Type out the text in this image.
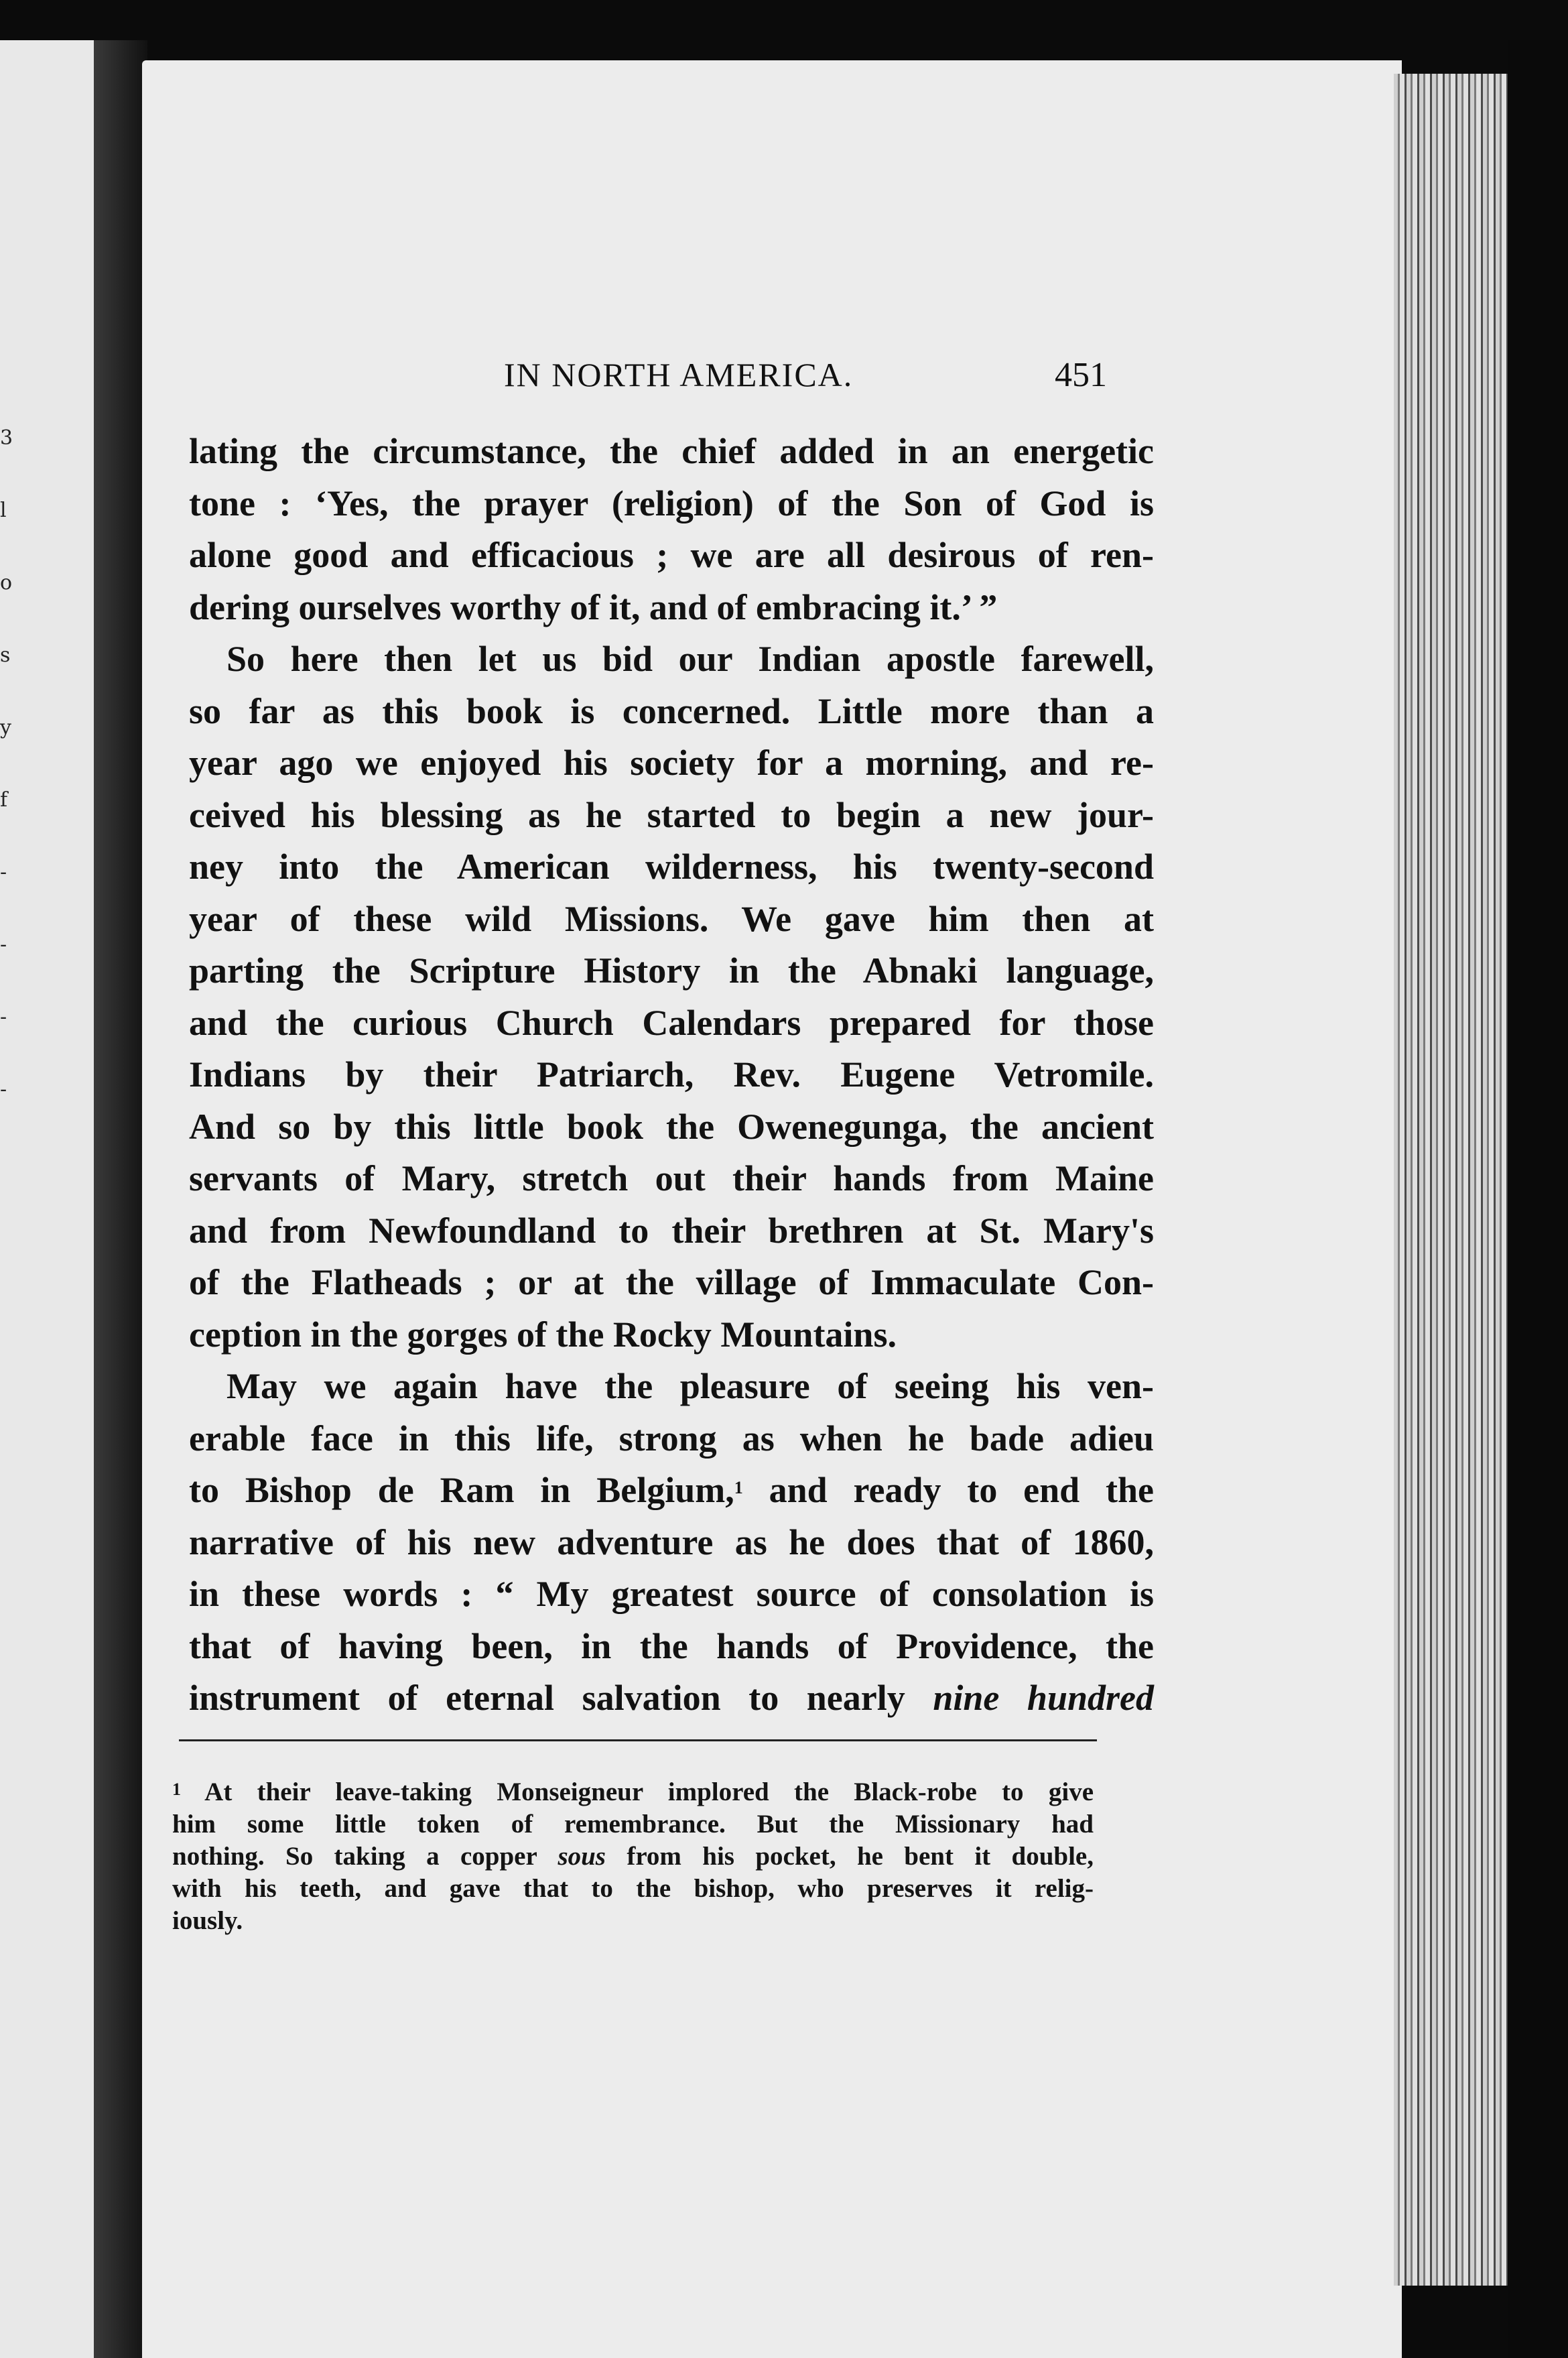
3
l
o
s
y
f
-
-
-
-
IN NORTH AMERICA.	451
lating the circumstance, the chief added in an energetic
tone : ‘Yes, the prayer (religion) of the Son of God is
alone good and efficacious ; we are all desirous of ren-
dering ourselves worthy of it, and of embracing it.’ ”
So here then let us bid our Indian apostle farewell,
so far as this book is concerned. Little more than a
year ago we enjoyed his society for a morning, and re-
ceived his blessing as he started to begin a new jour-
ney into the American wilderness, his twenty-second
year of these wild Missions. We gave him then at
parting the Scripture History in the Abnaki language,
and the curious Church Calendars prepared for those
Indians by their Patriarch, Rev. Eugene Vetromile.
And so by this little book the Owenegunga, the ancient
servants of Mary, stretch out their hands from Maine
and from Newfoundland to their brethren at St. Mary's
of the Flatheads ; or at the village of Immaculate Con-
ception in the gorges of the Rocky Mountains.
May we again have the pleasure of seeing his ven-
erable face in this life, strong as when he bade adieu
to Bishop de Ram in Belgium,$^1$ and ready to end the
narrative of his new adventure as he does that of 1860,
in these words : “ My greatest source of consolation is
that of having been, in the hands of Providence, the
instrument of eternal salvation to nearly nine hundred
$^1$ At their leave-taking Monseigneur implored the Black-robe to give
him some little token of remembrance. But the Missionary had
nothing. So taking a copper sous from his pocket, he bent it double,
with his teeth, and gave that to the bishop, who preserves it relig-
iously.
